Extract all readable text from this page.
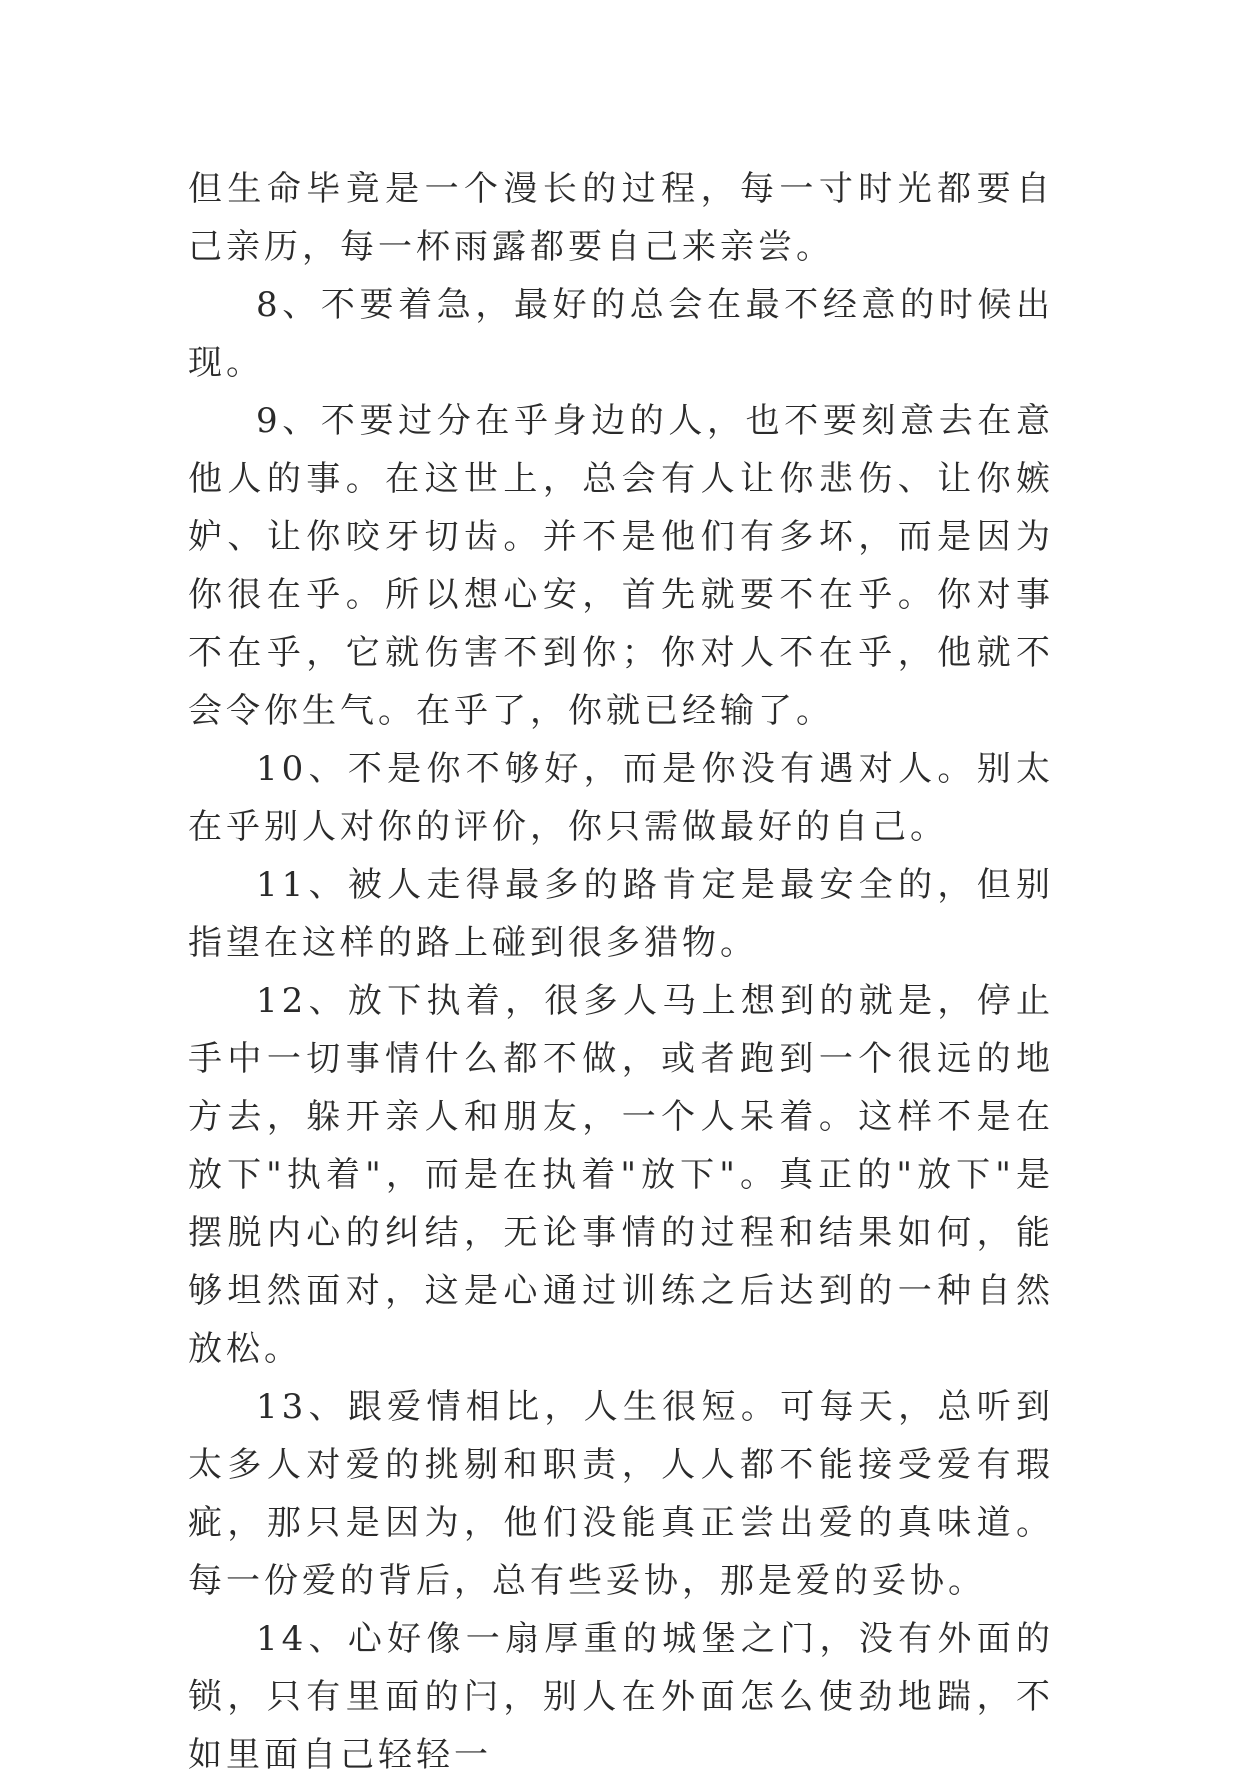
但生命毕竟是一个漫长的过程，每一寸时光都要自己亲历，每一杯雨露都要自己来亲尝。

8、不要着急，最好的总会在最不经意的时候出现。

9、不要过分在乎身边的人，也不要刻意去在意他人的事。在这世上，总会有人让你悲伤、让你嫉妒、让你咬牙切齿。并不是他们有多坏，而是因为你很在乎。所以想心安，首先就要不在乎。你对事不在乎，它就伤害不到你；你对人不在乎，他就不会令你生气。在乎了，你就已经输了。

10、不是你不够好，而是你没有遇对人。别太在乎别人对你的评价，你只需做最好的自己。

11、被人走得最多的路肯定是最安全的，但别指望在这样的路上碰到很多猎物。

12、放下执着，很多人马上想到的就是，停止手中一切事情什么都不做，或者跑到一个很远的地方去，躲开亲人和朋友，一个人呆着。这样不是在放下"执着"，而是在执着"放下"。真正的"放下"是摆脱内心的纠结，无论事情的过程和结果如何，能够坦然面对，这是心通过训练之后达到的一种自然放松。

13、跟爱情相比，人生很短。可每天，总听到太多人对爱的挑剔和职责，人人都不能接受爱有瑕疵，那只是因为，他们没能真正尝出爱的真味道。每一份爱的背后，总有些妥协，那是爱的妥协。

14、心好像一扇厚重的城堡之门，没有外面的锁，只有里面的闩，别人在外面怎么使劲地踹，不如里面自己轻轻一
